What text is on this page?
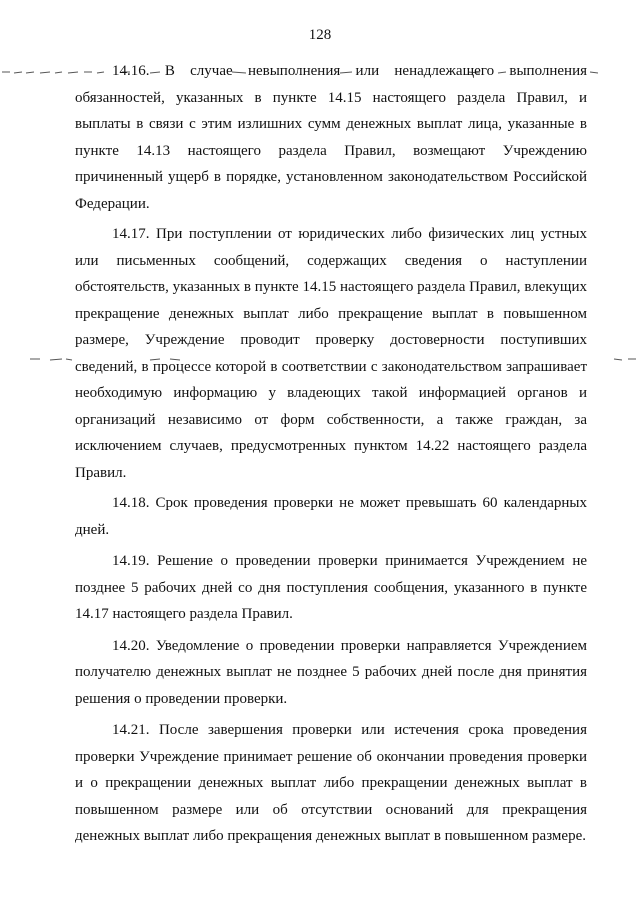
128

14.16. В случае невыполнения или ненадлежащего выполнения обязанностей, указанных в пункте 14.15 настоящего раздела Правил, и выплаты в связи с этим излишних сумм денежных выплат лица, указанные в пункте 14.13 настоящего раздела Правил, возмещают Учреждению причиненный ущерб в порядке, установленном законодательством Российской Федерации.

14.17. При поступлении от юридических либо физических лиц устных или письменных сообщений, содержащих сведения о наступлении обстоятельств, указанных в пункте 14.15 настоящего раздела Правил, влекущих прекращение денежных выплат либо прекращение выплат в повышенном размере, Учреждение проводит проверку достоверности поступивших сведений, в процессе которой в соответствии с законодательством запрашивает необходимую информацию у владеющих такой информацией органов и организаций независимо от форм собственности, а также граждан, за исключением случаев, предусмотренных пунктом 14.22 настоящего раздела Правил.

14.18. Срок проведения проверки не может превышать 60 календарных дней.

14.19. Решение о проведении проверки принимается Учреждением не позднее 5 рабочих дней со дня поступления сообщения, указанного в пункте 14.17 настоящего раздела Правил.

14.20. Уведомление о проведении проверки направляется Учреждением получателю денежных выплат не позднее 5 рабочих дней после дня принятия решения о проведении проверки.

14.21. После завершения проверки или истечения срока проведения проверки Учреждение принимает решение об окончании проведения проверки и о прекращении денежных выплат либо прекращении денежных выплат в повышенном размере или об отсутствии оснований для прекращения денежных выплат либо прекращения денежных выплат в повышенном размере.
